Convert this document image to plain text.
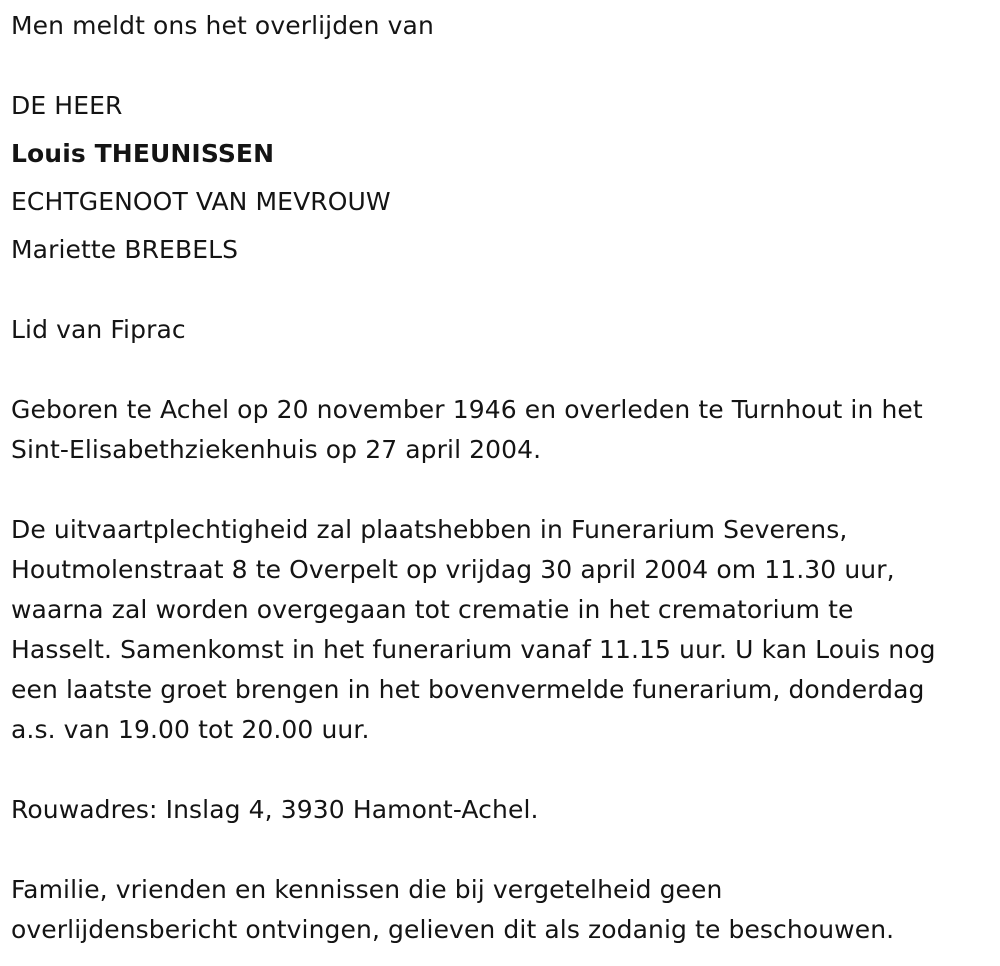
Men meldt ons het overlijden van
DE HEER
Louis THEUNISSEN
ECHTGENOOT VAN MEVROUW
Mariette BREBELS
Lid van Fiprac
Geboren te Achel op 20 november 1946 en overleden te Turnhout in het
Sint-Elisabethziekenhuis op 27 april 2004.
De uitvaartplechtigheid zal plaatshebben in Funerarium Severens,
Houtmolenstraat 8 te Overpelt op vrijdag 30 april 2004 om 11.30 uur,
waarna zal worden overgegaan tot crematie in het crematorium te
Hasselt. Samenkomst in het funerarium vanaf 11.15 uur. U kan Louis nog
een laatste groet brengen in het bovenvermelde funerarium, donderdag
a.s. van 19.00 tot 20.00 uur.
Rouwadres: Inslag 4, 3930 Hamont-Achel.
Familie, vrienden en kennissen die bij vergetelheid geen
overlijdensbericht ontvingen, gelieven dit als zodanig te beschouwen.
